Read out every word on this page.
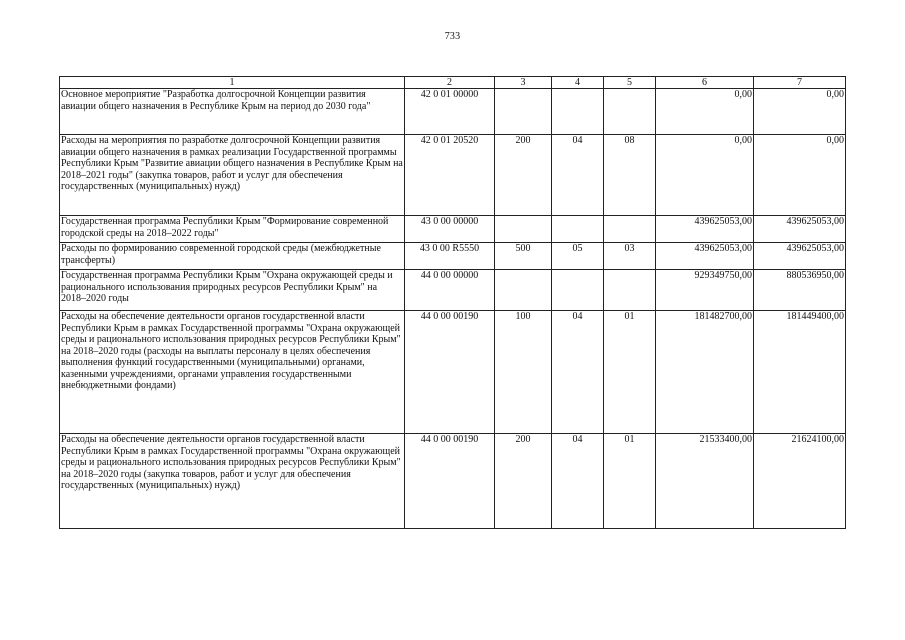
733
1	2	3	4	5	6	7
Основное мероприятие "Разработка долгосрочной Концепции развития авиации общего назначения в Республике Крым на период до 2030 года"	42 0 01 00000				0,00	0,00
Расходы на мероприятия по разработке долгосрочной Концепции развития авиации общего назначения в рамках реализации Государственной программы Республики Крым "Развитие авиации общего назначения в Республике Крым на 2018–2021 годы" (закупка товаров, работ и услуг для обеспечения государственных (муниципальных) нужд)	42 0 01 20520	200	04	08	0,00	0,00
Государственная программа Республики Крым "Формирование современной городской среды на 2018–2022 годы"	43 0 00 00000				439625053,00	439625053,00
Расходы по формированию современной городской среды (межбюджетные трансферты)	43 0 00 R5550	500	05	03	439625053,00	439625053,00
Государственная программа Республики Крым "Охрана окружающей среды и рационального использования природных ресурсов Республики Крым" на 2018–2020 годы	44 0 00 00000				929349750,00	880536950,00
Расходы на обеспечение деятельности органов государственной власти Республики Крым в рамках Государственной программы "Охрана окружающей среды и рационального использования природных ресурсов Республики Крым" на 2018–2020 годы (расходы на выплаты персоналу в целях обеспечения выполнения функций государственными (муниципальными) органами, казенными учреждениями, органами управления государственными внебюджетными фондами)	44 0 00 00190	100	04	01	181482700,00	181449400,00
Расходы на обеспечение деятельности органов государственной власти Республики Крым в рамках Государственной программы "Охрана окружающей среды и рационального использования природных ресурсов Республики Крым" на 2018–2020 годы (закупка товаров, работ и услуг для обеспечения государственных (муниципальных) нужд)	44 0 00 00190	200	04	01	21533400,00	21624100,00
